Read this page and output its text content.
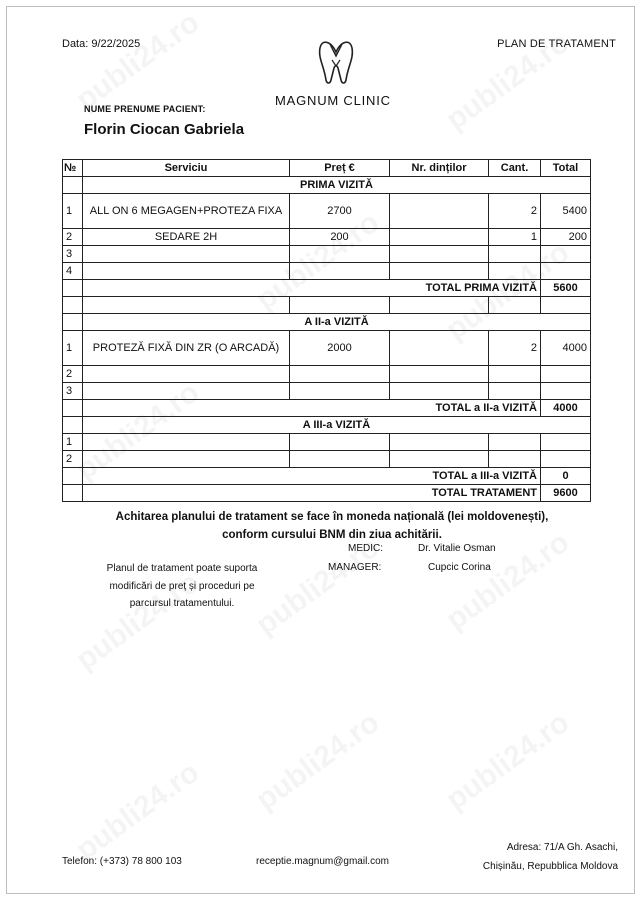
Data: 9/22/2025	PLAN DE TRATAMENT
MAGNUM CLINIC
NUME PRENUME PACIENT:
Florin Ciocan Gabriela
№	Serviciu	Preț €	Nr. dinților	Cant.	Total
	PRIMA VIZITĂ				
1	ALL ON 6 MEGAGEN+PROTEZA FIXA	2700		2	5400
2	SEDARE 2H	200		1	200
3					
4					
	TOTAL PRIMA VIZITĂ				5600

	A II-a VIZITĂ				
1	PROTEZĂ FIXĂ DIN ZR (O ARCADĂ)	2000		2	4000
2					
3					
	TOTAL a II-a VIZITĂ				4000
	A III-a VIZITĂ				
1					
2					
	TOTAL a III-a VIZITĂ				0
	TOTAL TRATAMENT				9600
Achitarea planului de tratament se face în moneda națională (lei moldovenești),
conform cursului BNM din ziua achitării.
MEDIC:	Dr. Vitalie Osman
MANAGER:	Cupcic Corina
Planul de tratament poate suporta
modificări de preț și proceduri pe
parcursul tratamentului.
Telefon: (+373) 78 800 103	receptie.magnum@gmail.com
Adresa: 71/A Gh. Asachi,
Chișinău, Repubblica Moldova
